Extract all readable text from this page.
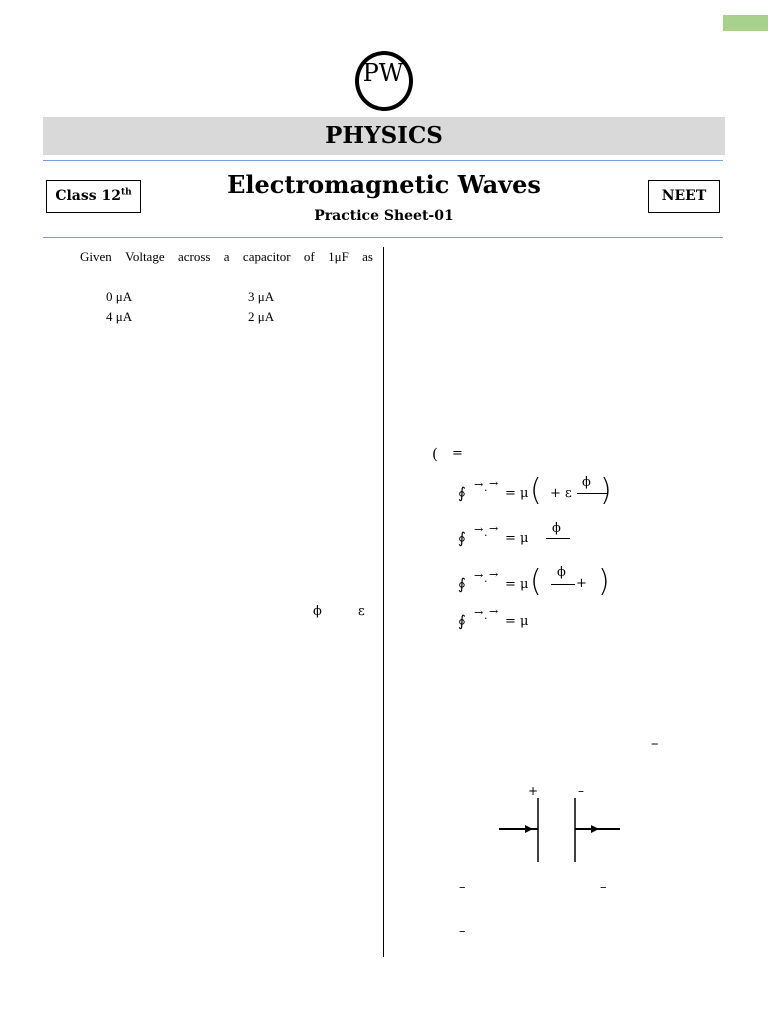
PW
PHYSICS
Class 12th	Electromagnetic Waves
Practice Sheet-01
NEET
Given Voltage across a capacitor of 1μF as
0 μA	3 μA
4 μA	2 μA
ϕ	ε
( =
∮ → ·
→
= μ ( + ε
ϕ )
∮ → ·
→
= μ
ϕ
∮ → ·
→
= μ ( ϕ
+ )
∮ → ·
→
= μ
–
+	–
–	–
–
